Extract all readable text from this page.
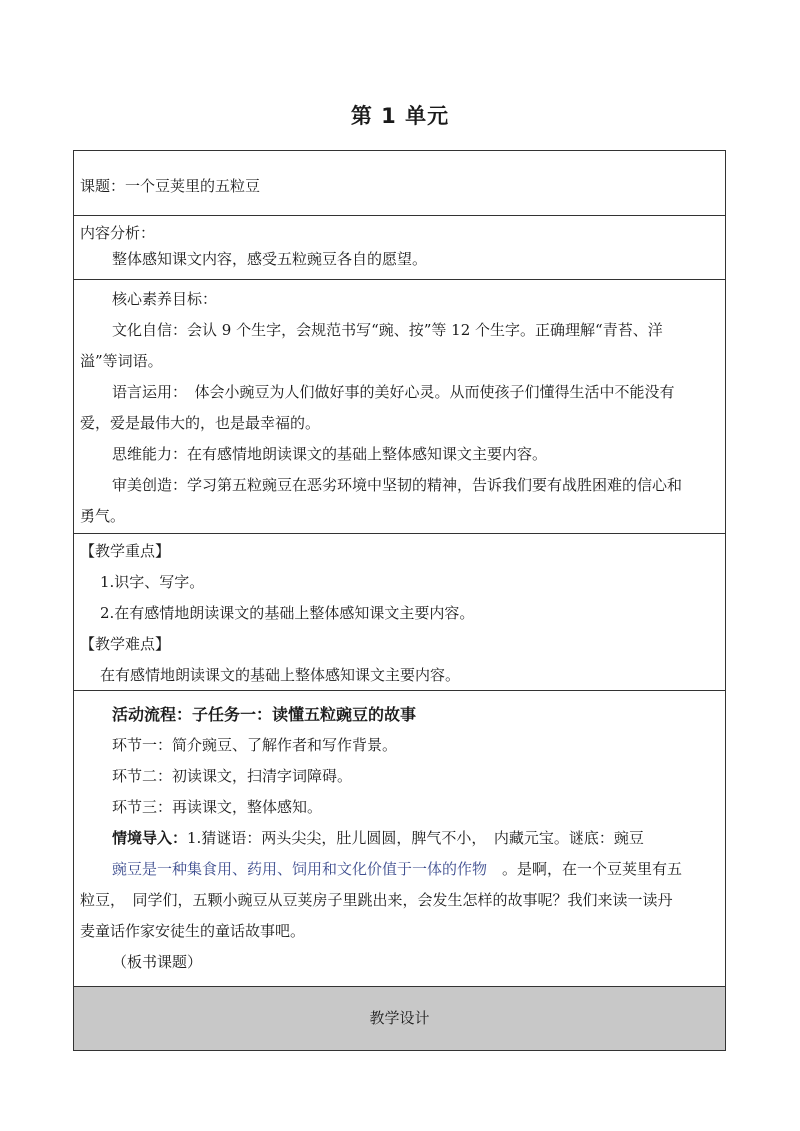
第 1 单元

课题：一个豆荚里的五粒豆

内容分析：

整体感知课文内容，感受五粒豌豆各自的愿望。

核心素养目标：

文化自信：会认 9 个生字，会规范书写“豌、按”等 12 个生字。正确理解“青苔、洋

溢”等词语。

语言运用：　体会小豌豆为人们做好事的美好心灵。从而使孩子们懂得生活中不能没有

爱，爱是最伟大的，也是最幸福的。

思维能力：在有感情地朗读课文的基础上整体感知课文主要内容。

审美创造：学习第五粒豌豆在恶劣环境中坚韧的精神，告诉我们要有战胜困难的信心和

勇气。

【教学重点】

1.识字、写字。

2.在有感情地朗读课文的基础上整体感知课文主要内容。

【教学难点】

在有感情地朗读课文的基础上整体感知课文主要内容。

活动流程：子任务一：读懂五粒豌豆的故事

环节一：简介豌豆、了解作者和写作背景。

环节二：初读课文，扫清字词障碍。

环节三：再读课文，整体感知。

情境导入：1.猜谜语：两头尖尖，肚儿圆圆，脾气不小，　内藏元宝。谜底：豌豆

豌豆是一种集食用、药用、饲用和文化价值于一体的作物　。是啊，在一个豆荚里有五

粒豆，　同学们，五颗小豌豆从豆荚房子里跳出来，会发生怎样的故事呢？我们来读一读丹

麦童话作家安徒生的童话故事吧。

（板书课题）

教学设计
